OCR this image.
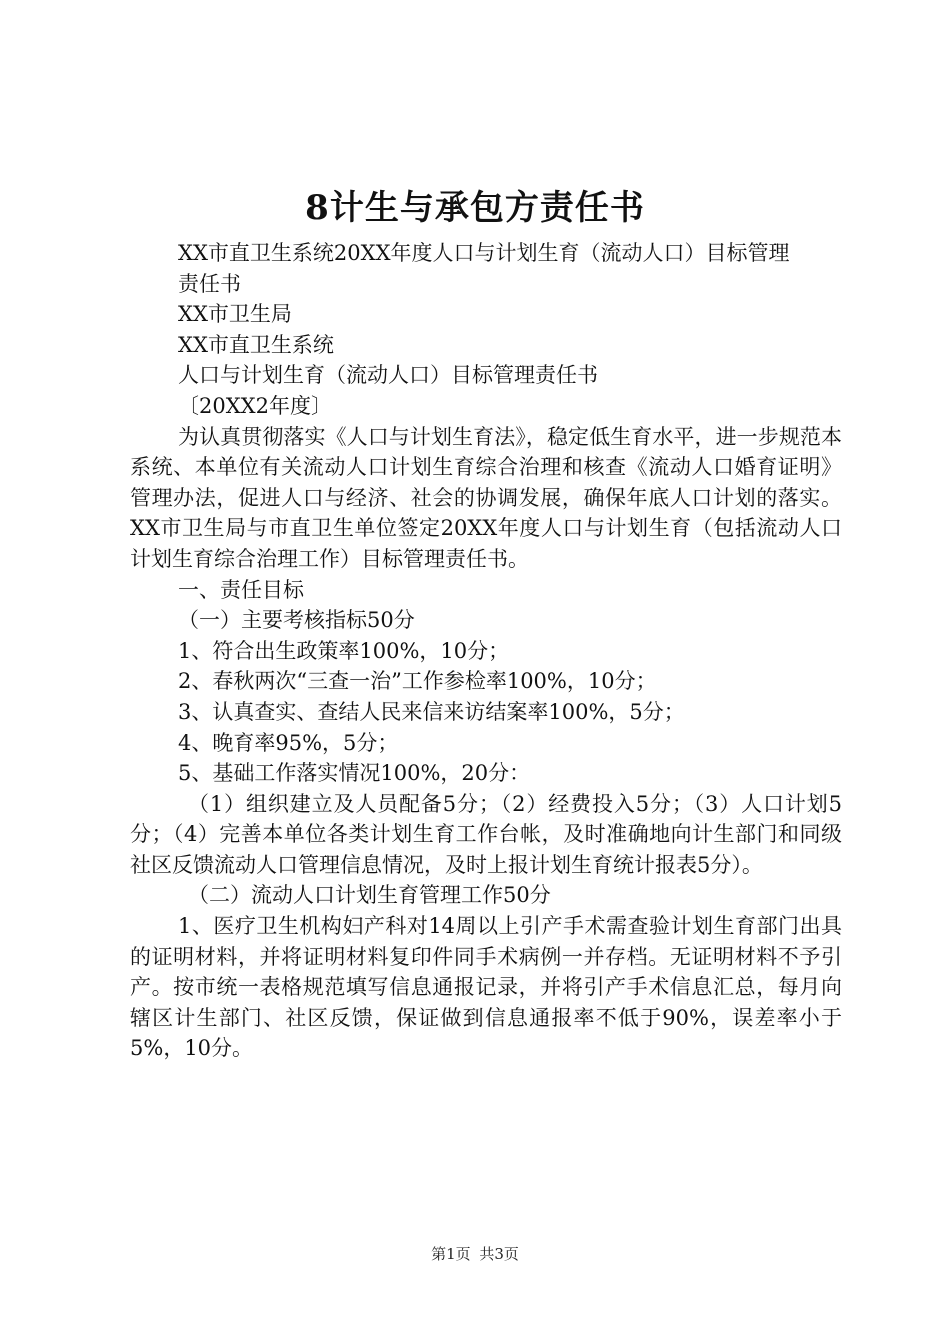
8计生与承包方责任书

XX市直卫生系统20XX年度人口与计划生育（流动人口）目标管理

责任书

XX市卫生局

XX市直卫生系统

人口与计划生育（流动人口）目标管理责任书

〔20XX2年度〕

为认真贯彻落实《人口与计划生育法》，稳定低生育水平，进一步规范本系统、本单位有关流动人口计划生育综合治理和核查《流动人口婚育证明》管理办法，促进人口与经济、社会的协调发展，确保年底人口计划的落实。XX市卫生局与市直卫生单位签定20XX年度人口与计划生育（包括流动人口计划生育综合治理工作）目标管理责任书。

一、责任目标

（一）主要考核指标50分

1、符合出生政策率100%，10分；

2、春秋两次“三查一治”工作参检率100%，10分；

3、认真查实、查结人民来信来访结案率100%，5分；

4、晚育率95%，5分；

5、基础工作落实情况100%，20分：

（1）组织建立及人员配备5分；（2）经费投入5分；（3）人口计划5分；（4）完善本单位各类计划生育工作台帐，及时准确地向计生部门和同级社区反馈流动人口管理信息情况，及时上报计划生育统计报表5分）。

（二）流动人口计划生育管理工作50分

1、医疗卫生机构妇产科对14周以上引产手术需查验计划生育部门出具的证明材料，并将证明材料复印件同手术病例一并存档。无证明材料不予引产。按市统一表格规范填写信息通报记录，并将引产手术信息汇总，每月向辖区计生部门、社区反馈，保证做到信息通报率不低于90%，误差率小于5%，10分。

第1页 共3页
